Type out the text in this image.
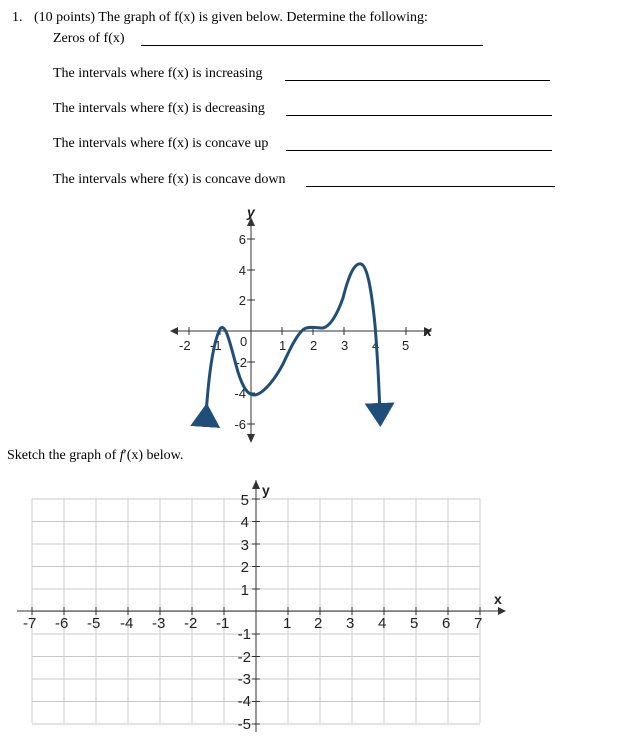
1. (10 points) The graph of f(x) is given below. Determine the following:
Zeros of f(x)
The intervals where f(x) is increasing
The intervals where f(x) is decreasing
The intervals where f(x) is concave up
The intervals where f(x) is concave down
y
x
-2 -1 0 1 2 3 4 5
6
4
2
-2
-4
-6
Sketch the graph of f′(x) below.
y
x
-7 -6 -5 -4 -3 -2 -1	1 2 3 4 5 6 7
5
4
3
2
1
-1
-2
-3
-4
-5
